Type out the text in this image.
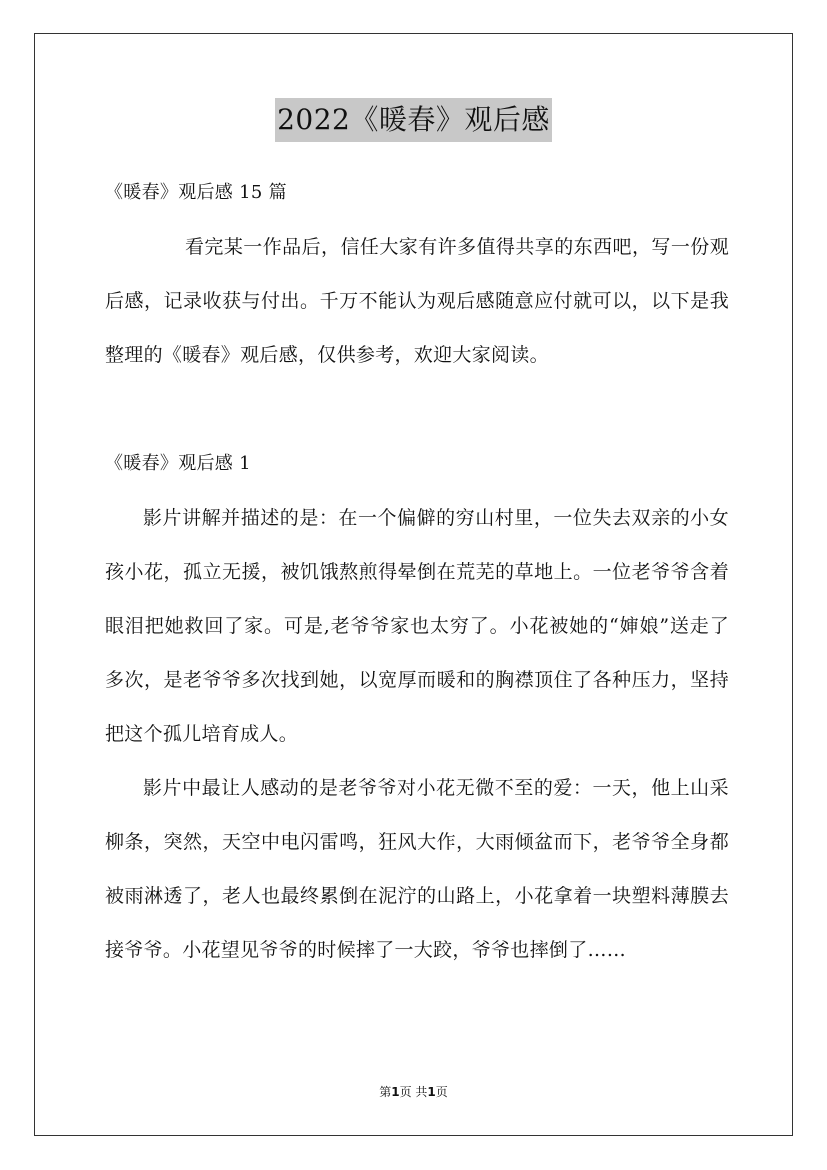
2022《暖春》观后感
《暖春》观后感 15 篇
看完某一作品后，信任大家有许多值得共享的东西吧，写一份观后感，记录收获与付出。千万不能认为观后感随意应付就可以，以下是我整理的《暖春》观后感，仅供参考，欢迎大家阅读。
《暖春》观后感 1
影片讲解并描述的是：在一个偏僻的穷山村里，一位失去双亲的小女孩小花，孤立无援，被饥饿熬煎得晕倒在荒芜的草地上。一位老爷爷含着眼泪把她救回了家。可是,老爷爷家也太穷了。小花被她的“婶娘”送走了多次，是老爷爷多次找到她，以宽厚而暖和的胸襟顶住了各种压力，坚持把这个孤儿培育成人。
影片中最让人感动的是老爷爷对小花无微不至的爱：一天，他上山采柳条，突然，天空中电闪雷鸣，狂风大作，大雨倾盆而下，老爷爷全身都被雨淋透了，老人也最终累倒在泥泞的山路上，小花拿着一块塑料薄膜去接爷爷。小花望见爷爷的时候摔了一大跤，爷爷也摔倒了……
第1页 共1页
